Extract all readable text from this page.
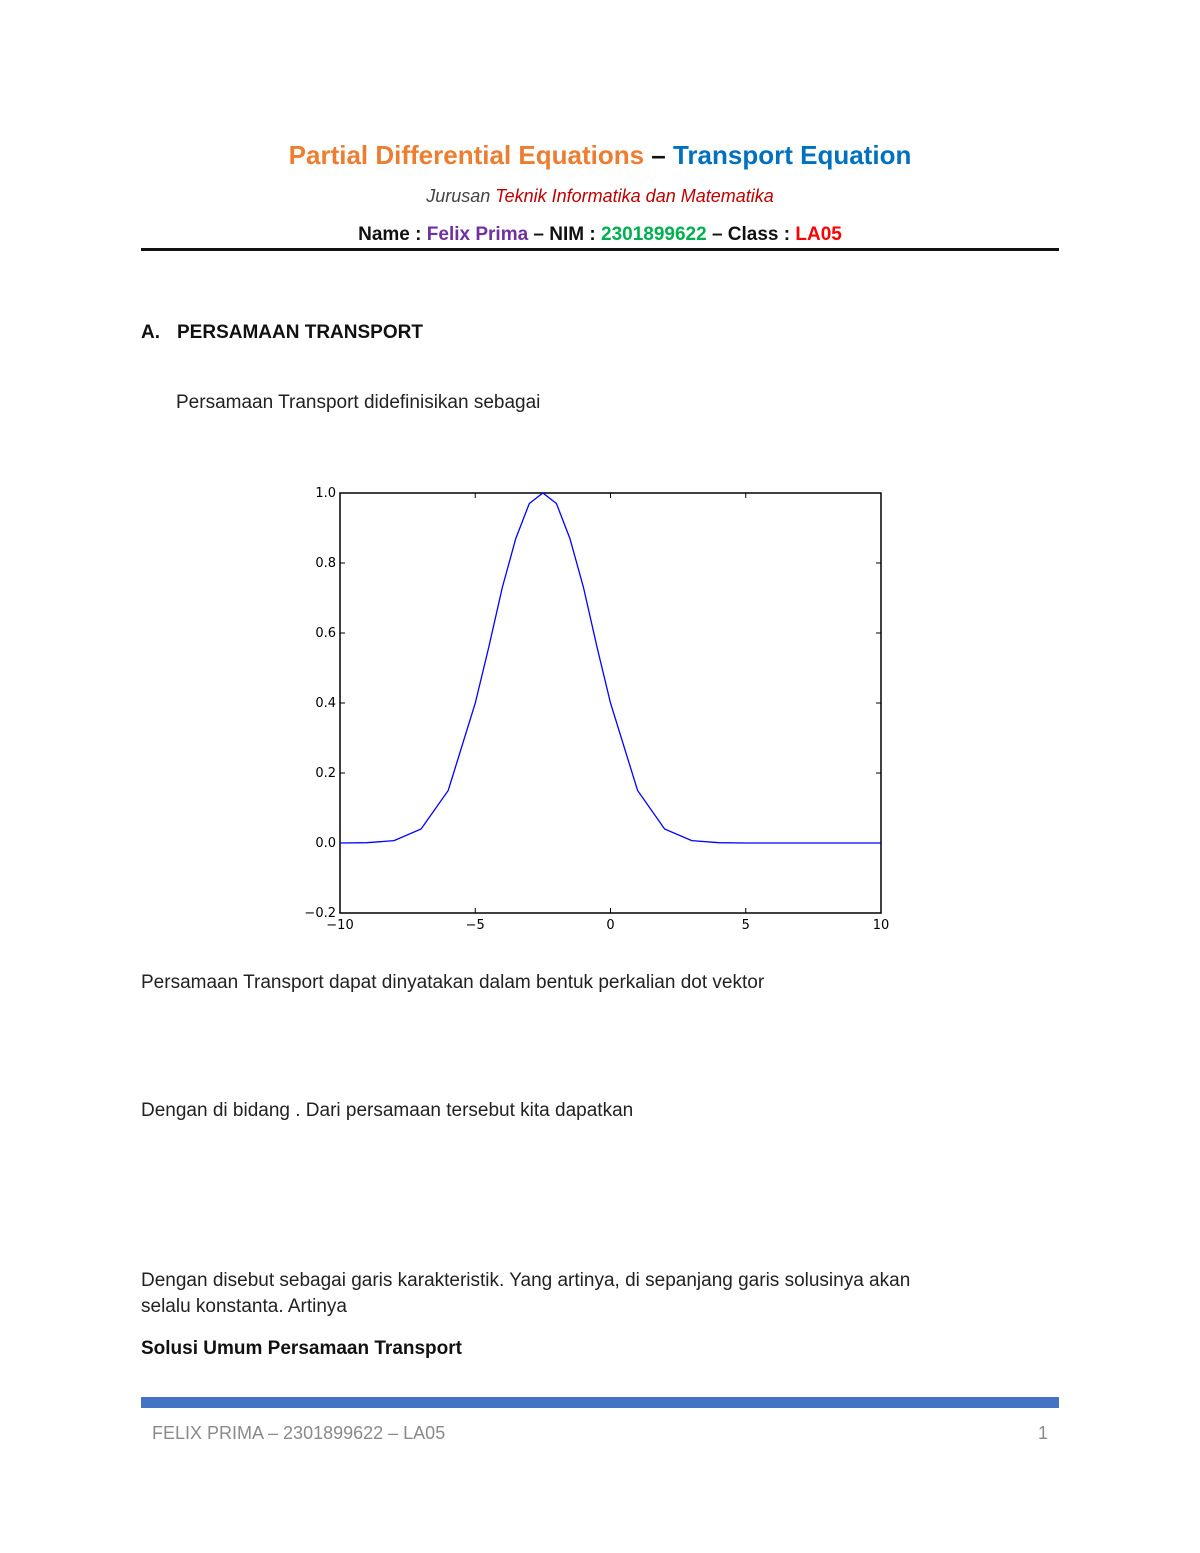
Partial Differential Equations – Transport Equation
Jurusan Teknik Informatika dan Matematika
Name : Felix Prima – NIM : 2301899622 – Class : LA05
A. PERSAMAAN TRANSPORT
Persamaan Transport didefinisikan sebagai
−10	−5	0	5	10
−0.2
0.0
0.2
0.4
0.6
0.8
1.0
Persamaan Transport dapat dinyatakan dalam bentuk perkalian dot vektor
Dengan di bidang . Dari persamaan tersebut kita dapatkan
Dengan disebut sebagai garis karakteristik. Yang artinya, di sepanjang garis solusinya akan
selalu konstanta. Artinya
Solusi Umum Persamaan Transport
FELIX PRIMA – 2301899622 – LA05	1
